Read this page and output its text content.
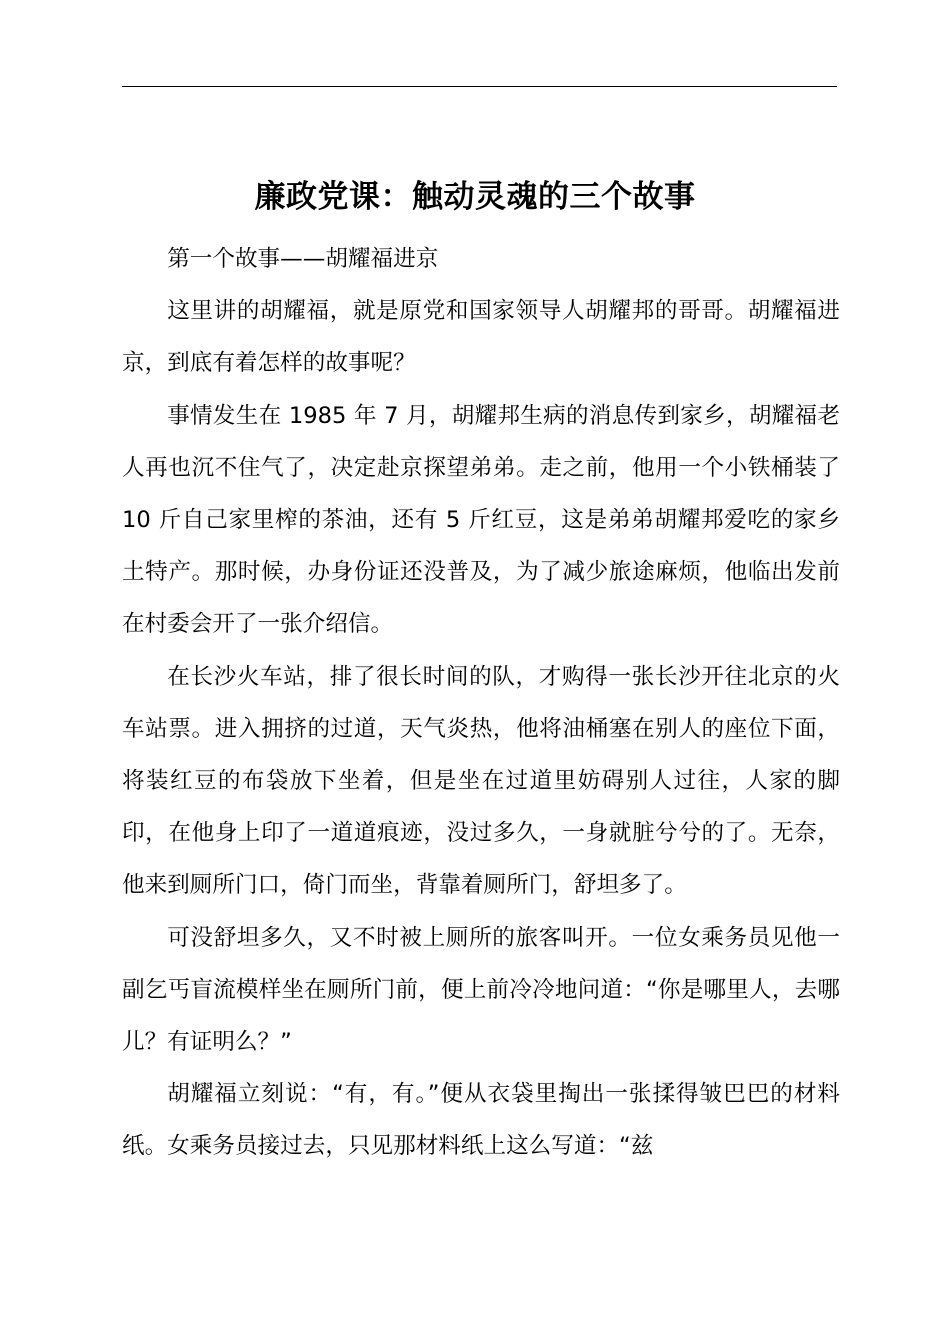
廉政党课：触动灵魂的三个故事

第一个故事——胡耀福进京

这里讲的胡耀福，就是原党和国家领导人胡耀邦的哥哥。胡耀福进京，到底有着怎样的故事呢？

事情发生在 1985 年 7 月，胡耀邦生病的消息传到家乡，胡耀福老人再也沉不住气了，决定赴京探望弟弟。走之前，他用一个小铁桶装了 10 斤自己家里榨的茶油，还有 5 斤红豆，这是弟弟胡耀邦爱吃的家乡土特产。那时候，办身份证还没普及，为了减少旅途麻烦，他临出发前在村委会开了一张介绍信。

在长沙火车站，排了很长时间的队，才购得一张长沙开往北京的火车站票。进入拥挤的过道，天气炎热，他将油桶塞在别人的座位下面，将装红豆的布袋放下坐着，但是坐在过道里妨碍别人过往，人家的脚印，在他身上印了一道道痕迹，没过多久，一身就脏兮兮的了。无奈，他来到厕所门口，倚门而坐，背靠着厕所门，舒坦多了。

可没舒坦多久，又不时被上厕所的旅客叫开。一位女乘务员见他一副乞丐盲流模样坐在厕所门前，便上前冷冷地问道：“你是哪里人，去哪儿？有证明么？”

胡耀福立刻说：“有，有。”便从衣袋里掏出一张揉得皱巴巴的材料纸。女乘务员接过去，只见那材料纸上这么写道：“兹
